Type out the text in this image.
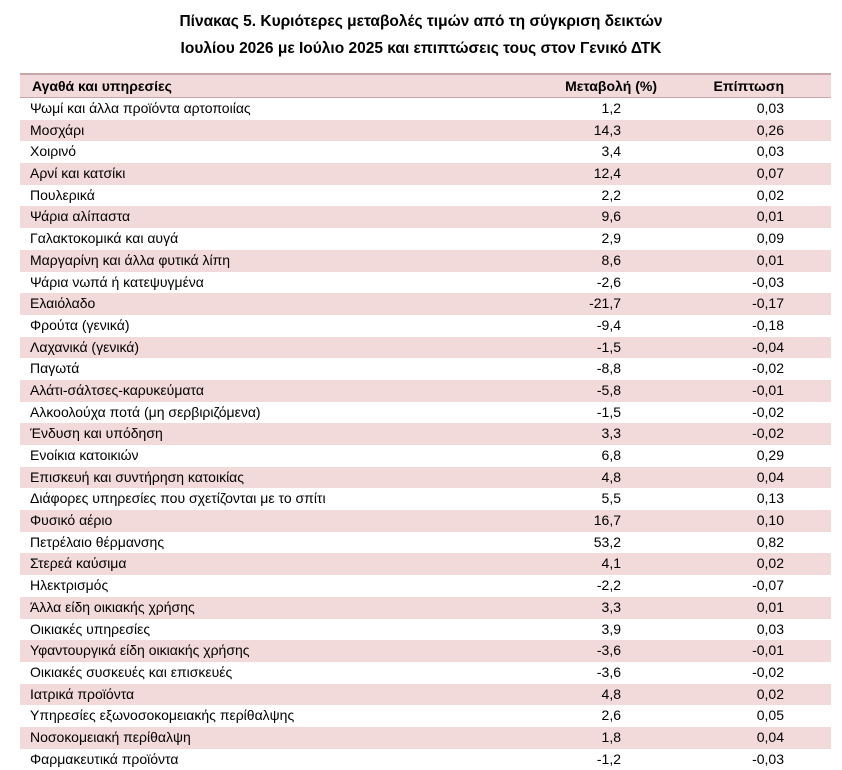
Πίνακας 5. Κυριότερες μεταβολές τιμών από τη σύγκριση δεικτών
Ιουλίου 2026 με Ιούλιο 2025 και επιπτώσεις τους στον Γενικό ΔΤΚ
Αγαθά και υπηρεσίες	Μεταβολή (%)	Επίπτωση
Ψωμί και άλλα προϊόντα αρτοποιίας	1,2	0,03
Μοσχάρι	14,3	0,26
Χοιρινό	3,4	0,03
Αρνί και κατσίκι	12,4	0,07
Πουλερικά	2,2	0,02
Ψάρια αλίπαστα	9,6	0,01
Γαλακτοκομικά και αυγά	2,9	0,09
Μαργαρίνη και άλλα φυτικά λίπη	8,6	0,01
Ψάρια νωπά ή κατεψυγμένα	-2,6	-0,03
Ελαιόλαδο	-21,7	-0,17
Φρούτα (γενικά)	-9,4	-0,18
Λαχανικά (γενικά)	-1,5	-0,04
Παγωτά	-8,8	-0,02
Αλάτι-σάλτσες-καρυκεύματα	-5,8	-0,01
Αλκοολούχα ποτά (μη σερβιριζόμενα)	-1,5	-0,02
Ένδυση και υπόδηση	3,3	-0,02
Ενοίκια κατοικιών	6,8	0,29
Επισκευή και συντήρηση κατοικίας	4,8	0,04
Διάφορες υπηρεσίες που σχετίζονται με το σπίτι	5,5	0,13
Φυσικό αέριο	16,7	0,10
Πετρέλαιο θέρμανσης	53,2	0,82
Στερεά καύσιμα	4,1	0,02
Ηλεκτρισμός	-2,2	-0,07
Άλλα είδη οικιακής χρήσης	3,3	0,01
Οικιακές υπηρεσίες	3,9	0,03
Υφαντουργικά είδη οικιακής χρήσης	-3,6	-0,01
Οικιακές συσκευές και επισκευές	-3,6	-0,02
Ιατρικά προϊόντα	4,8	0,02
Υπηρεσίες εξωνοσοκομειακής περίθαλψης	2,6	0,05
Νοσοκομειακή περίθαλψη	1,8	0,04
Φαρμακευτικά προϊόντα	-1,2	-0,03
